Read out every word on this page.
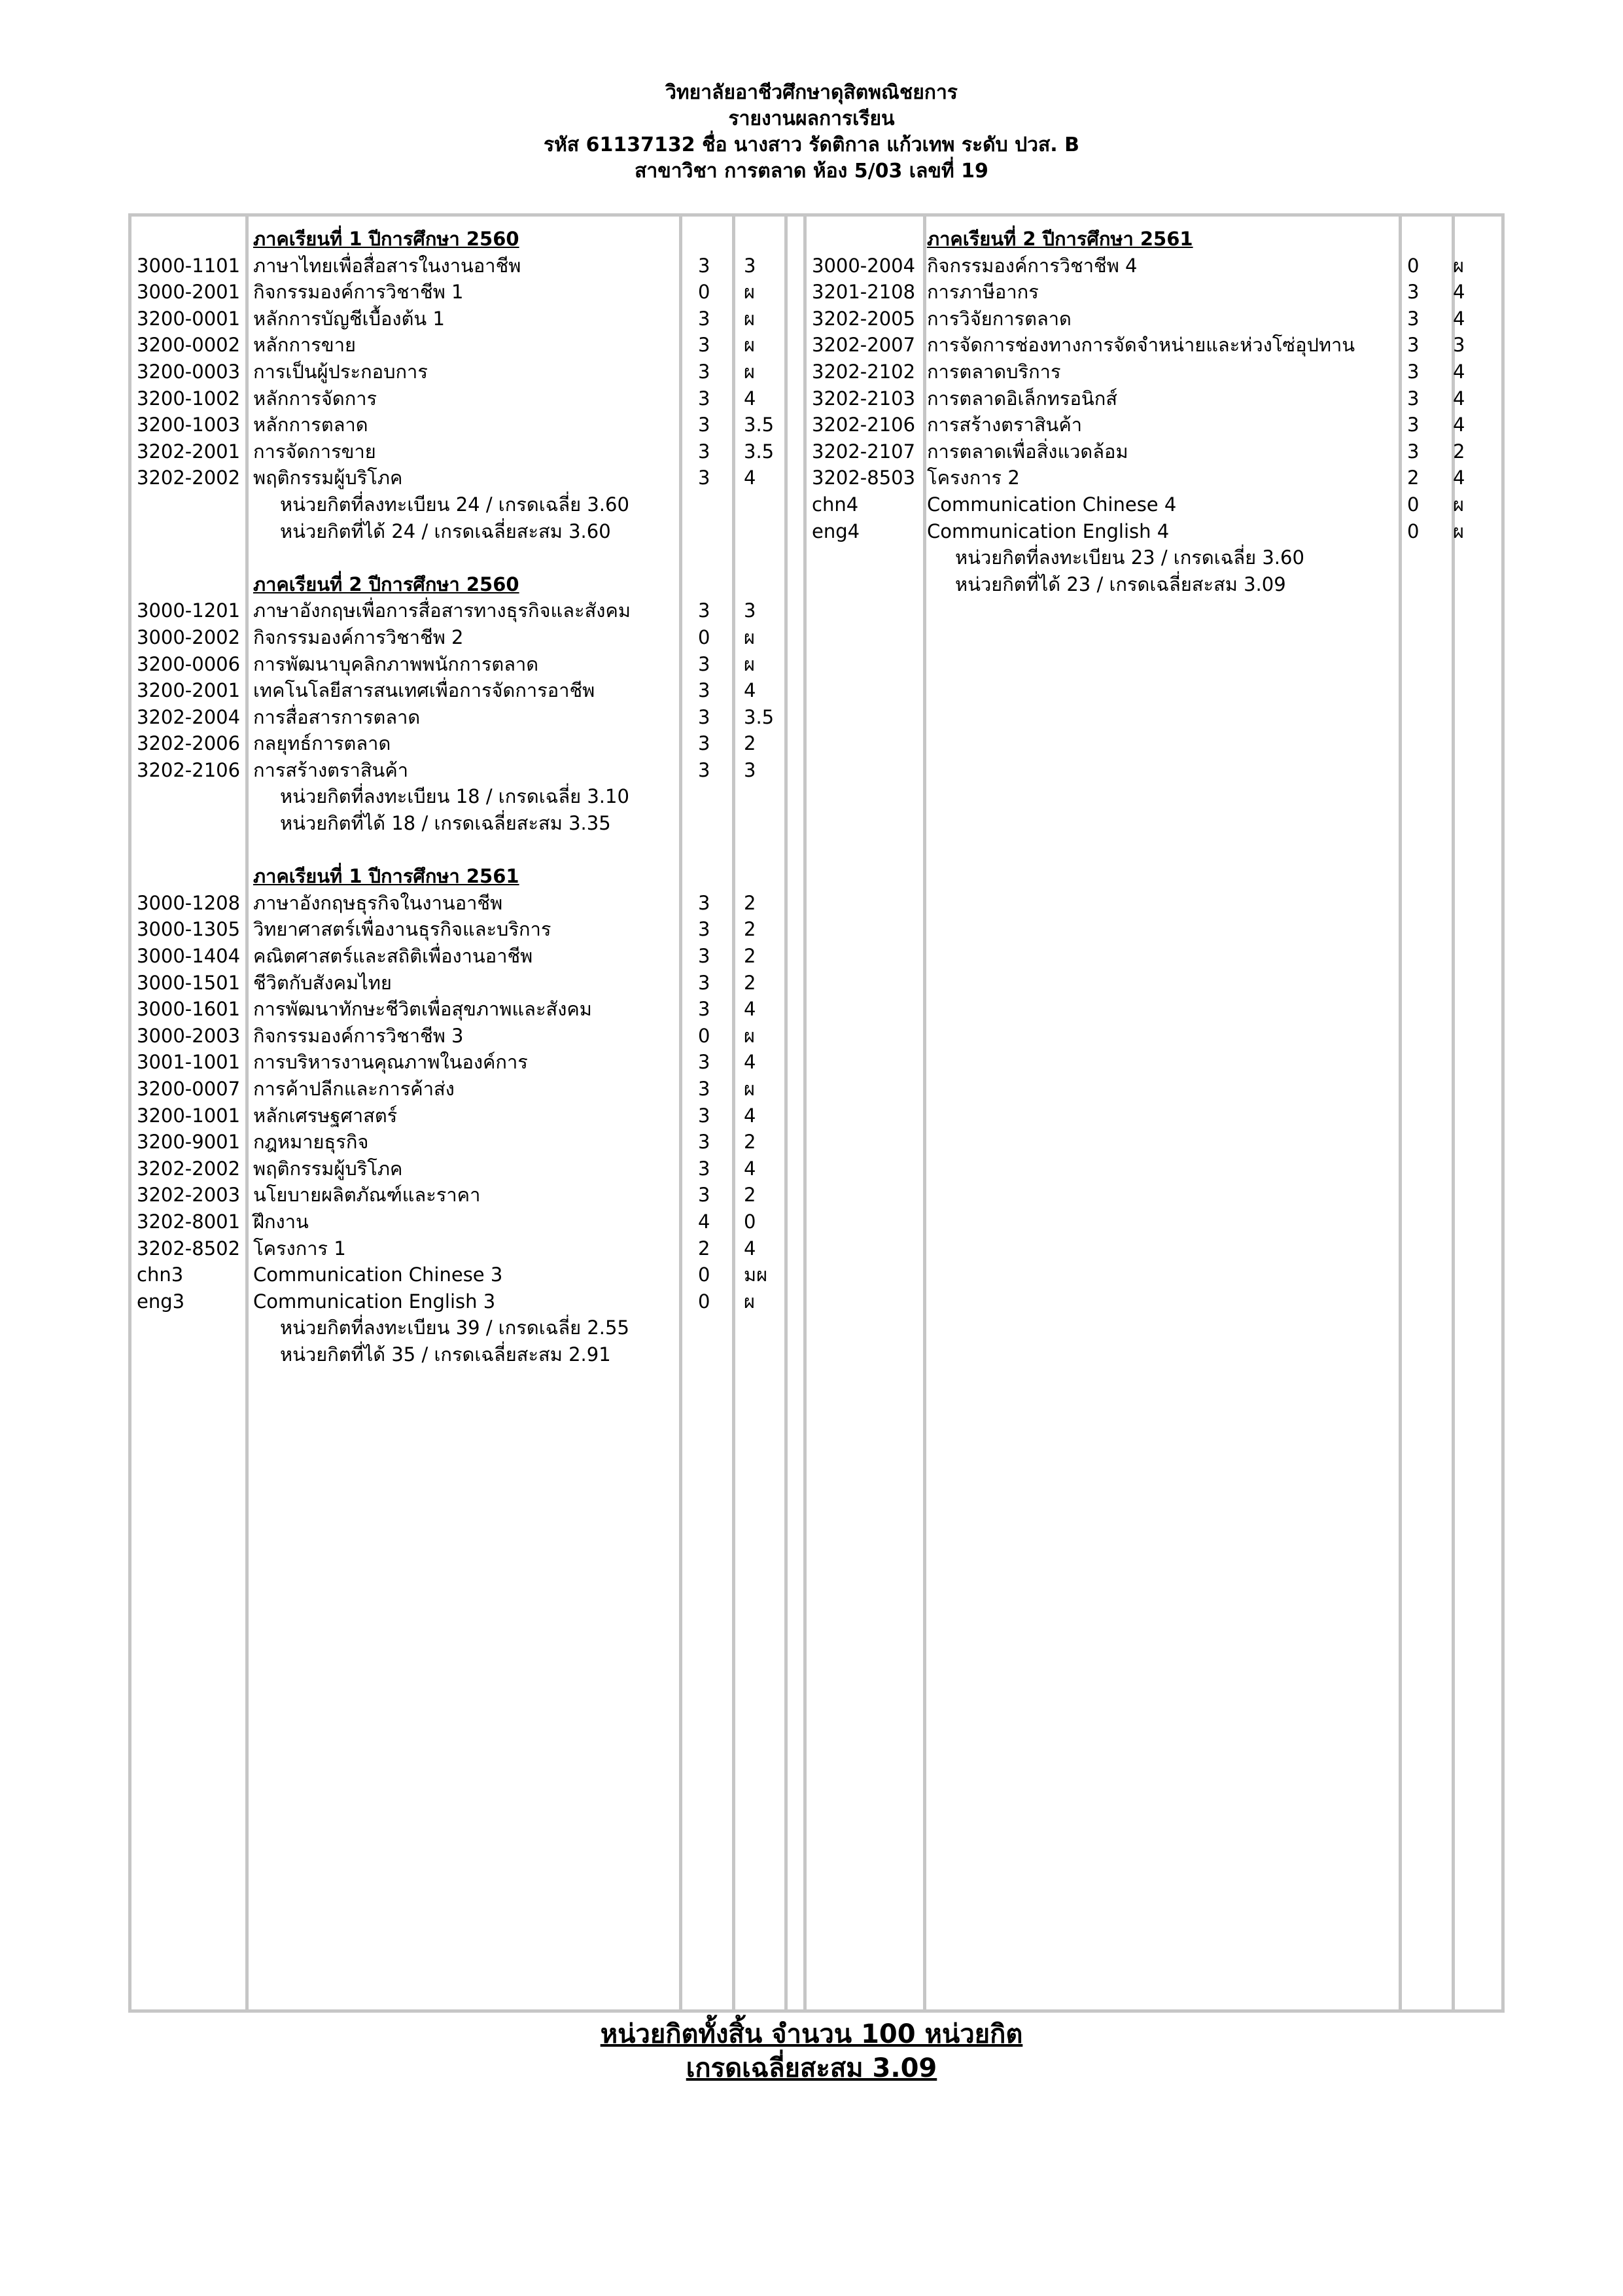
วิทยาลัยอาชีวศึกษาดุสิตพณิชยการ
รายงานผลการเรียน
รหัส 61137132 ชื่อ นางสาว รัดติกาล แก้วเทพ ระดับ ปวส. B
สาขาวิชา การตลาด ห้อง 5/03 เลขที่ 19
ภาคเรียนที่ 1 ปีการศึกษา 2560
3000-1101 ภาษาไทยเพื่อสื่อสารในงานอาชีพ	3 3
3000-2001 กิจกรรมองค์การวิชาชีพ 1	0 ผ
3200-0001 หลักการบัญชีเบื้องต้น 1	3 ผ
3200-0002 หลักการขาย	3 ผ
3200-0003 การเป็นผู้ประกอบการ	3 ผ
3200-1002 หลักการจัดการ	3 4
3200-1003 หลักการตลาด	3 3.5
3202-2001 การจัดการขาย	3 3.5
3202-2002 พฤติกรรมผู้บริโภค	3 4
หน่วยกิตที่ลงทะเบียน 24 / เกรดเฉลี่ย 3.60
หน่วยกิตที่ได้ 24 / เกรดเฉลี่ยสะสม 3.60
ภาคเรียนที่ 2 ปีการศึกษา 2560
3000-1201 ภาษาอังกฤษเพื่อการสื่อสารทางธุรกิจและสังคม	3 3
3000-2002 กิจกรรมองค์การวิชาชีพ 2	0 ผ
3200-0006 การพัฒนาบุคลิกภาพพนักการตลาด	3 ผ
3200-2001 เทคโนโลยีสารสนเทศเพื่อการจัดการอาชีพ	3 4
3202-2004 การสื่อสารการตลาด	3 3.5
3202-2006 กลยุทธ์การตลาด	3 2
3202-2106 การสร้างตราสินค้า	3 3
หน่วยกิตที่ลงทะเบียน 18 / เกรดเฉลี่ย 3.10
หน่วยกิตที่ได้ 18 / เกรดเฉลี่ยสะสม 3.35
ภาคเรียนที่ 1 ปีการศึกษา 2561
3000-1208 ภาษาอังกฤษธุรกิจในงานอาชีพ	3 2
3000-1305 วิทยาศาสตร์เพื่องานธุรกิจและบริการ	3 2
3000-1404 คณิตศาสตร์และสถิติเพื่องานอาชีพ	3 2
3000-1501 ชีวิตกับสังคมไทย	3 2
3000-1601 การพัฒนาทักษะชีวิตเพื่อสุขภาพและสังคม	3 4
3000-2003 กิจกรรมองค์การวิชาชีพ 3	0 ผ
3001-1001 การบริหารงานคุณภาพในองค์การ	3 4
3200-0007 การค้าปลีกและการค้าส่ง	3 ผ
3200-1001 หลักเศรษฐศาสตร์	3 4
3200-9001 กฎหมายธุรกิจ	3 2
3202-2002 พฤติกรรมผู้บริโภค	3 4
3202-2003 นโยบายผลิตภัณฑ์และราคา	3 2
3202-8001 ฝึกงาน	4 0
3202-8502 โครงการ 1	2 4
chn3	Communication Chinese 3	0 มผ
eng3	Communication English 3	0 ผ
หน่วยกิตที่ลงทะเบียน 39 / เกรดเฉลี่ย 2.55
หน่วยกิตที่ได้ 35 / เกรดเฉลี่ยสะสม 2.91
ภาคเรียนที่ 2 ปีการศึกษา 2561
3000-2004 กิจกรรมองค์การวิชาชีพ 4	0 ผ
3201-2108 การภาษีอากร	3 4
3202-2005 การวิจัยการตลาด	3 4
3202-2007 การจัดการช่องทางการจัดจำหน่ายและห่วงโซ่อุปทาน	3 3
3202-2102 การตลาดบริการ	3 4
3202-2103 การตลาดอิเล็กทรอนิกส์	3 4
3202-2106 การสร้างตราสินค้า	3 4
3202-2107 การตลาดเพื่อสิ่งแวดล้อม	3 2
3202-8503 โครงการ 2	2 4
chn4	Communication Chinese 4	0 ผ
eng4	Communication English 4	0 ผ
หน่วยกิตที่ลงทะเบียน 23 / เกรดเฉลี่ย 3.60
หน่วยกิตที่ได้ 23 / เกรดเฉลี่ยสะสม 3.09
หน่วยกิตทั้งสิ้น จำนวน 100 หน่วยกิต
เกรดเฉลี่ยสะสม 3.09
